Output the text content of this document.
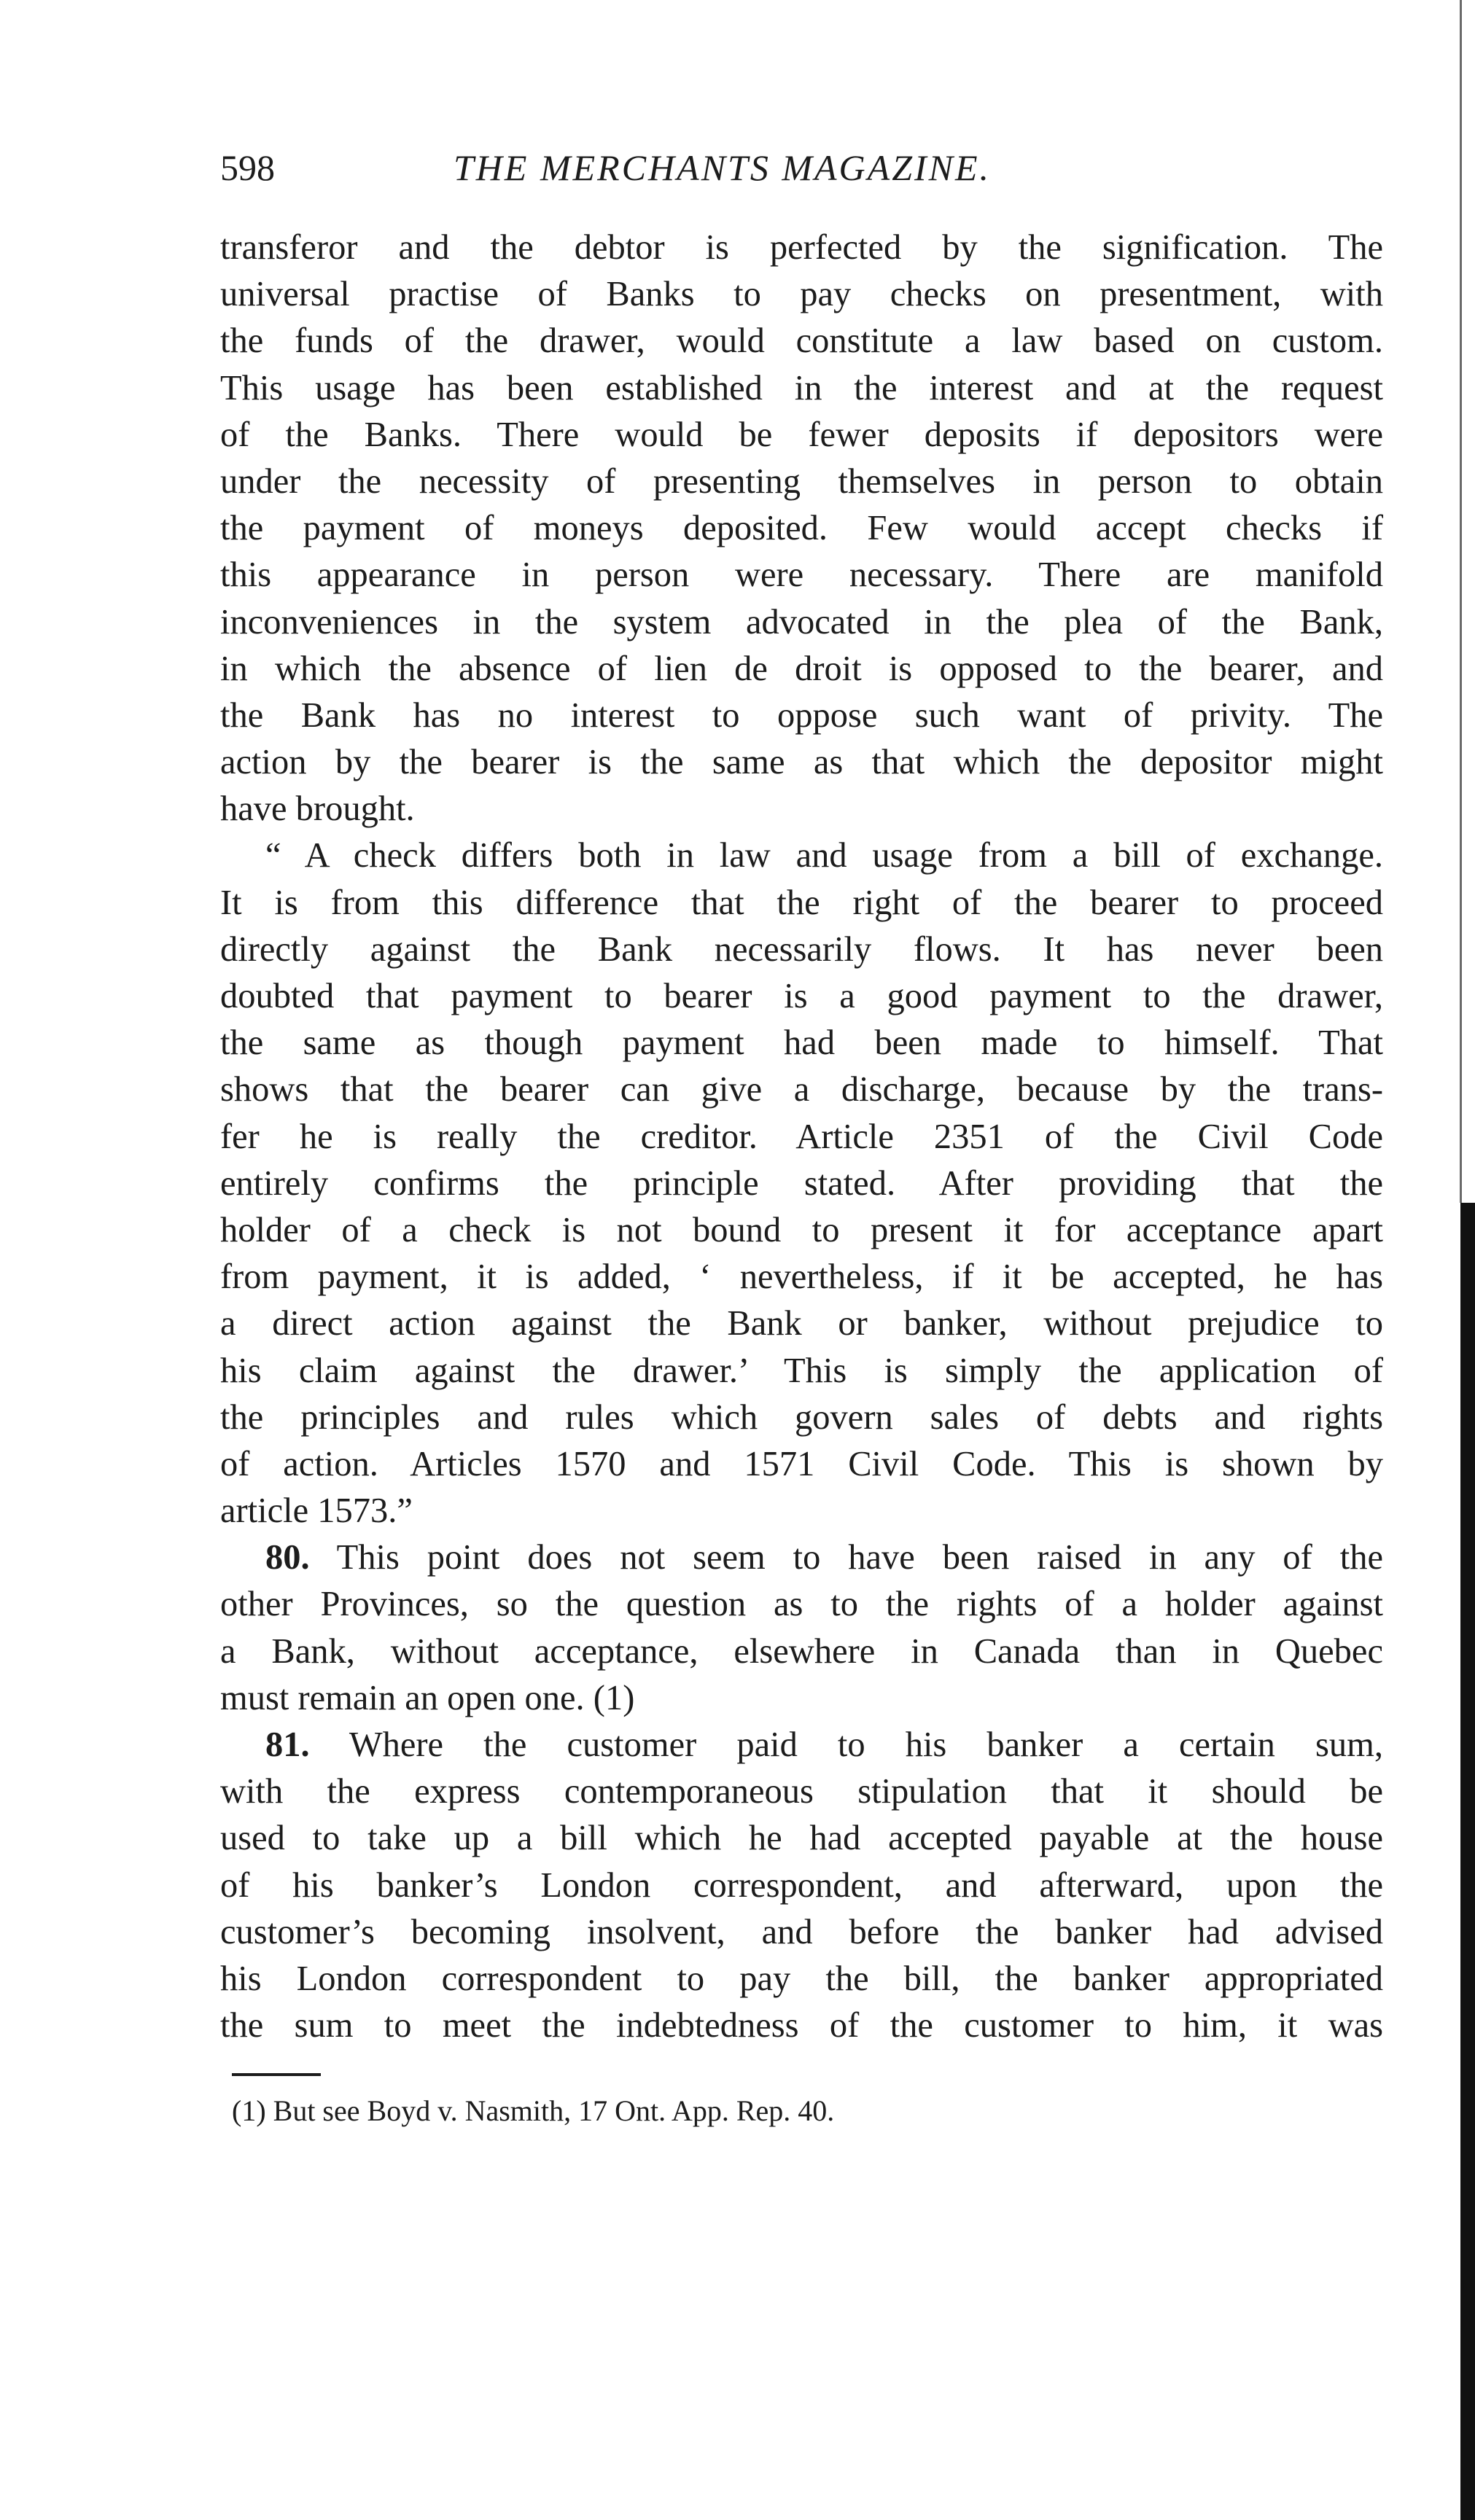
598	THE MERCHANTS MAGAZINE.
transferor and the debtor is perfected by the signification. The
universal practise of Banks to pay checks on presentment, with
the funds of the drawer, would constitute a law based on custom.
This usage has been established in the interest and at the request
of the Banks. There would be fewer deposits if depositors were
under the necessity of presenting themselves in person to obtain
the payment of moneys deposited. Few would accept checks if
this appearance in person were necessary. There are manifold
inconveniences in the system advocated in the plea of the Bank,
in which the absence of lien de droit is opposed to the bearer, and
the Bank has no interest to oppose such want of privity. The
action by the bearer is the same as that which the depositor might
have brought.
“ A check differs both in law and usage from a bill of exchange.
It is from this difference that the right of the bearer to proceed
directly against the Bank necessarily flows. It has never been
doubted that payment to bearer is a good payment to the drawer,
the same as though payment had been made to himself. That
shows that the bearer can give a discharge, because by the trans-
fer he is really the creditor. Article 2351 of the Civil Code
entirely confirms the principle stated. After providing that the
holder of a check is not bound to present it for acceptance apart
from payment, it is added, ‘ nevertheless, if it be accepted, he has
a direct action against the Bank or banker, without prejudice to
his claim against the drawer.’ This is simply the application of
the principles and rules which govern sales of debts and rights
of action. Articles 1570 and 1571 Civil Code. This is shown by
article 1573.”
80. This point does not seem to have been raised in any of the
other Provinces, so the question as to the rights of a holder against
a Bank, without acceptance, elsewhere in Canada than in Quebec
must remain an open one. (1)
81. Where the customer paid to his banker a certain sum,
with the express contemporaneous stipulation that it should be
used to take up a bill which he had accepted payable at the house
of his banker’s London correspondent, and afterward, upon the
customer’s becoming insolvent, and before the banker had advised
his London correspondent to pay the bill, the banker appropriated
the sum to meet the indebtedness of the customer to him, it was
(1) But see Boyd v. Nasmith, 17 Ont. App. Rep. 40.
